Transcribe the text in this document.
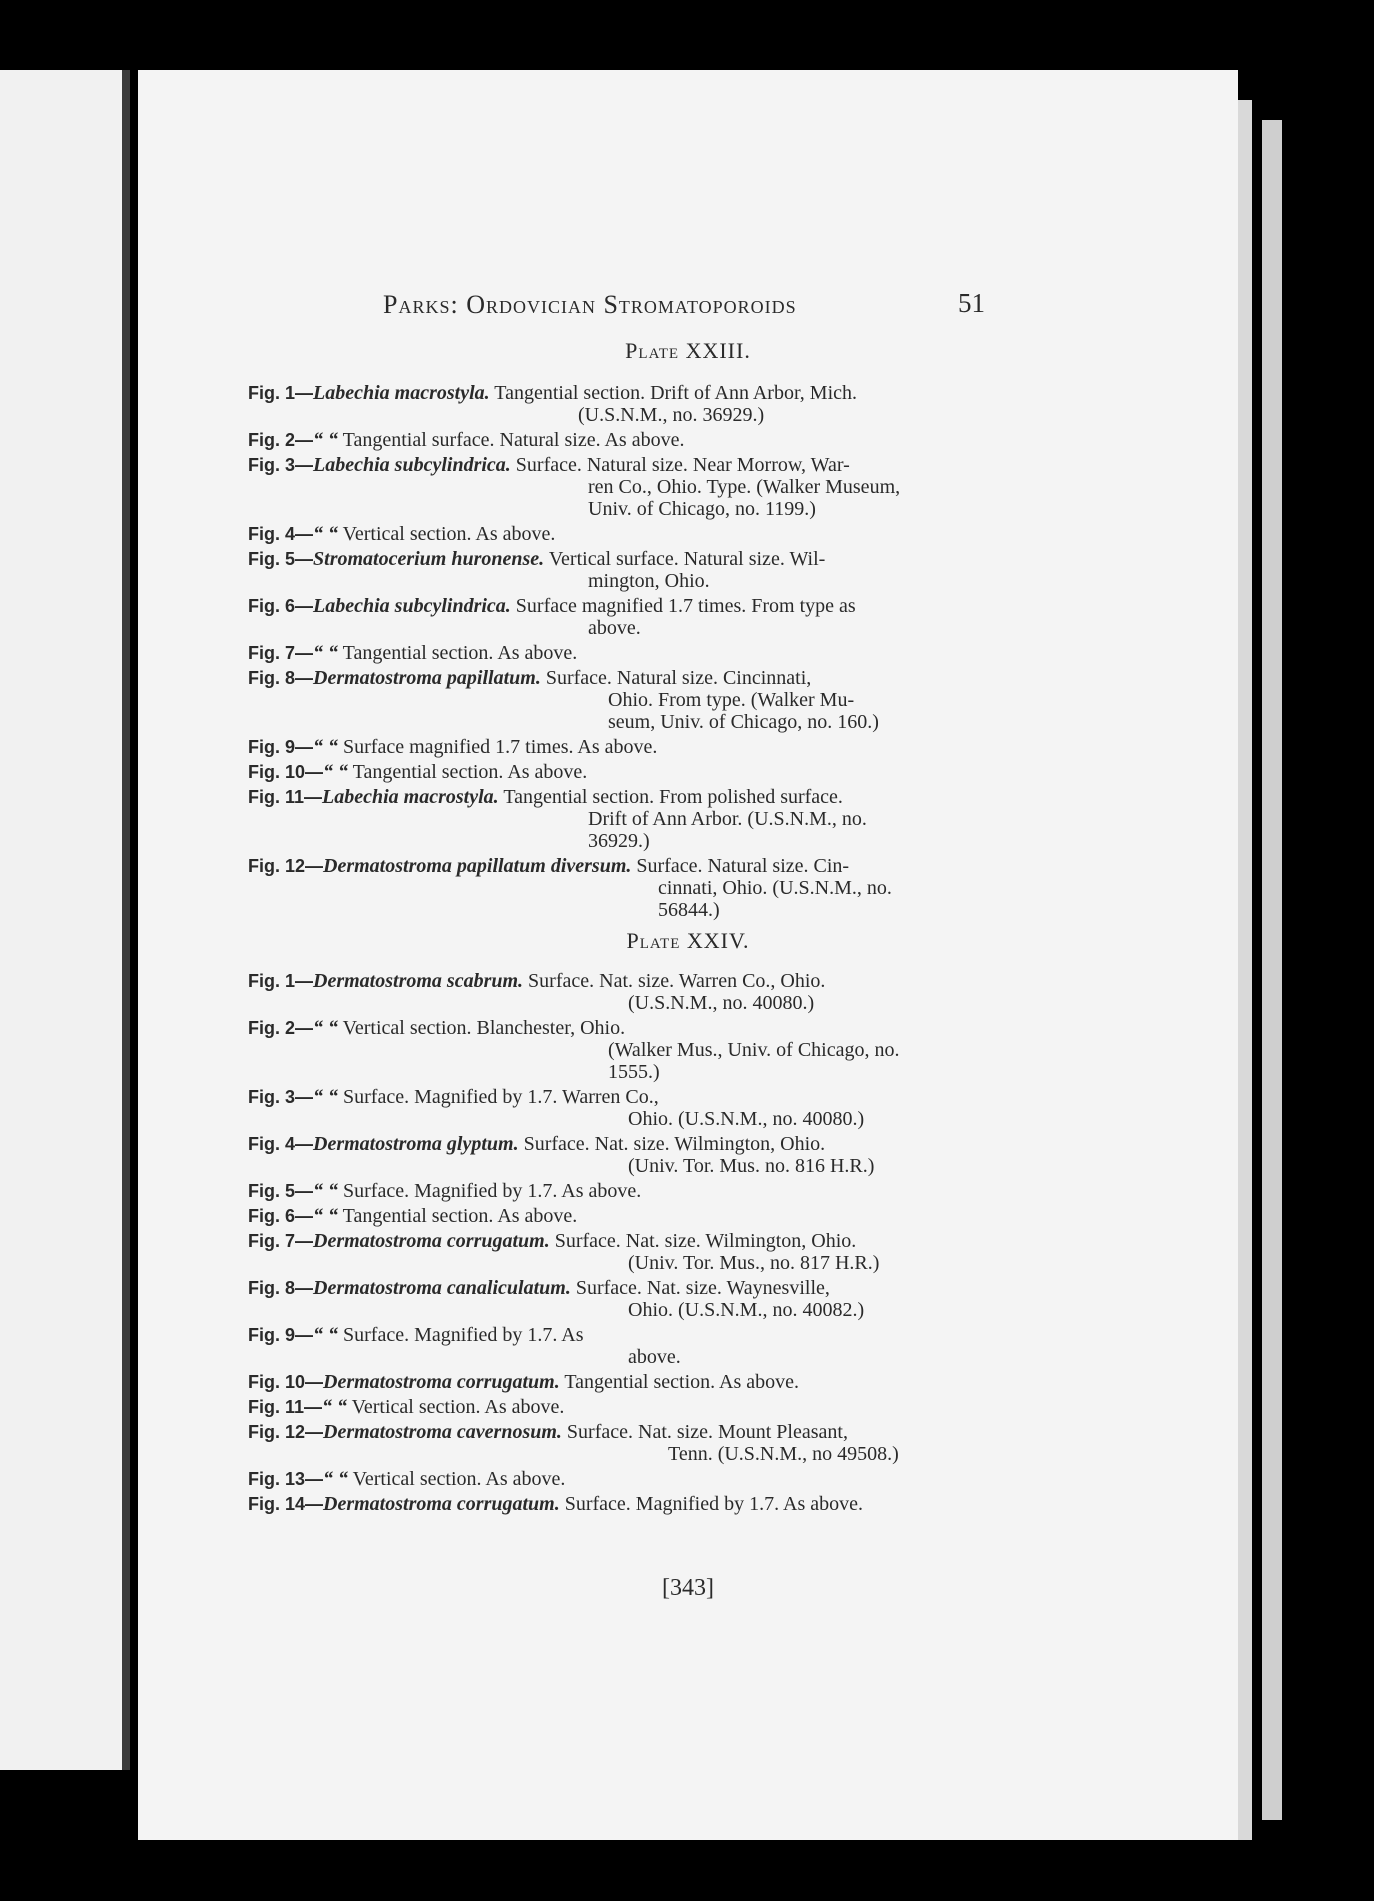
Parks: Ordovician Stromatoporoids	51
Plate XXIII.
Fig. 1—Labechia macrostyla. Tangential section. Drift of Ann Arbor, Mich.
(U.S.N.M., no. 36929.)
Fig. 2—“ “ Tangential surface. Natural size. As above.
Fig. 3—Labechia subcylindrica. Surface. Natural size. Near Morrow, War-
ren Co., Ohio. Type. (Walker Museum,
Univ. of Chicago, no. 1199.)
Fig. 4—“ “ Vertical section. As above.
Fig. 5—Stromatocerium huronense. Vertical surface. Natural size. Wil-
mington, Ohio.
Fig. 6—Labechia subcylindrica. Surface magnified 1.7 times. From type as
above.
Fig. 7—“ “ Tangential section. As above.
Fig. 8—Dermatostroma papillatum. Surface. Natural size. Cincinnati,
Ohio. From type. (Walker Mu-
seum, Univ. of Chicago, no. 160.)
Fig. 9—“ “ Surface magnified 1.7 times. As above.
Fig. 10—“ “ Tangential section. As above.
Fig. 11—Labechia macrostyla. Tangential section. From polished surface.
Drift of Ann Arbor. (U.S.N.M., no.
36929.)
Fig. 12—Dermatostroma papillatum diversum. Surface. Natural size. Cin-
cinnati, Ohio. (U.S.N.M., no.
56844.)
Plate XXIV.
Fig. 1—Dermatostroma scabrum. Surface. Nat. size. Warren Co., Ohio.
(U.S.N.M., no. 40080.)
Fig. 2—“ “ Vertical section. Blanchester, Ohio.
(Walker Mus., Univ. of Chicago, no.
1555.)
Fig. 3—“ “ Surface. Magnified by 1.7. Warren Co.,
Ohio. (U.S.N.M., no. 40080.)
Fig. 4—Dermatostroma glyptum. Surface. Nat. size. Wilmington, Ohio.
(Univ. Tor. Mus. no. 816 H.R.)
Fig. 5—“ “ Surface. Magnified by 1.7. As above.
Fig. 6—“ “ Tangential section. As above.
Fig. 7—Dermatostroma corrugatum. Surface. Nat. size. Wilmington, Ohio.
(Univ. Tor. Mus., no. 817 H.R.)
Fig. 8—Dermatostroma canaliculatum. Surface. Nat. size. Waynesville,
Ohio. (U.S.N.M., no. 40082.)
Fig. 9—“ “ Surface. Magnified by 1.7. As
above.
Fig. 10—Dermatostroma corrugatum. Tangential section. As above.
Fig. 11—“ “ Vertical section. As above.
Fig. 12—Dermatostroma cavernosum. Surface. Nat. size. Mount Pleasant,
Tenn. (U.S.N.M., no 49508.)
Fig. 13—“ “ Vertical section. As above.
Fig. 14—Dermatostroma corrugatum. Surface. Magnified by 1.7. As above.
[343]
